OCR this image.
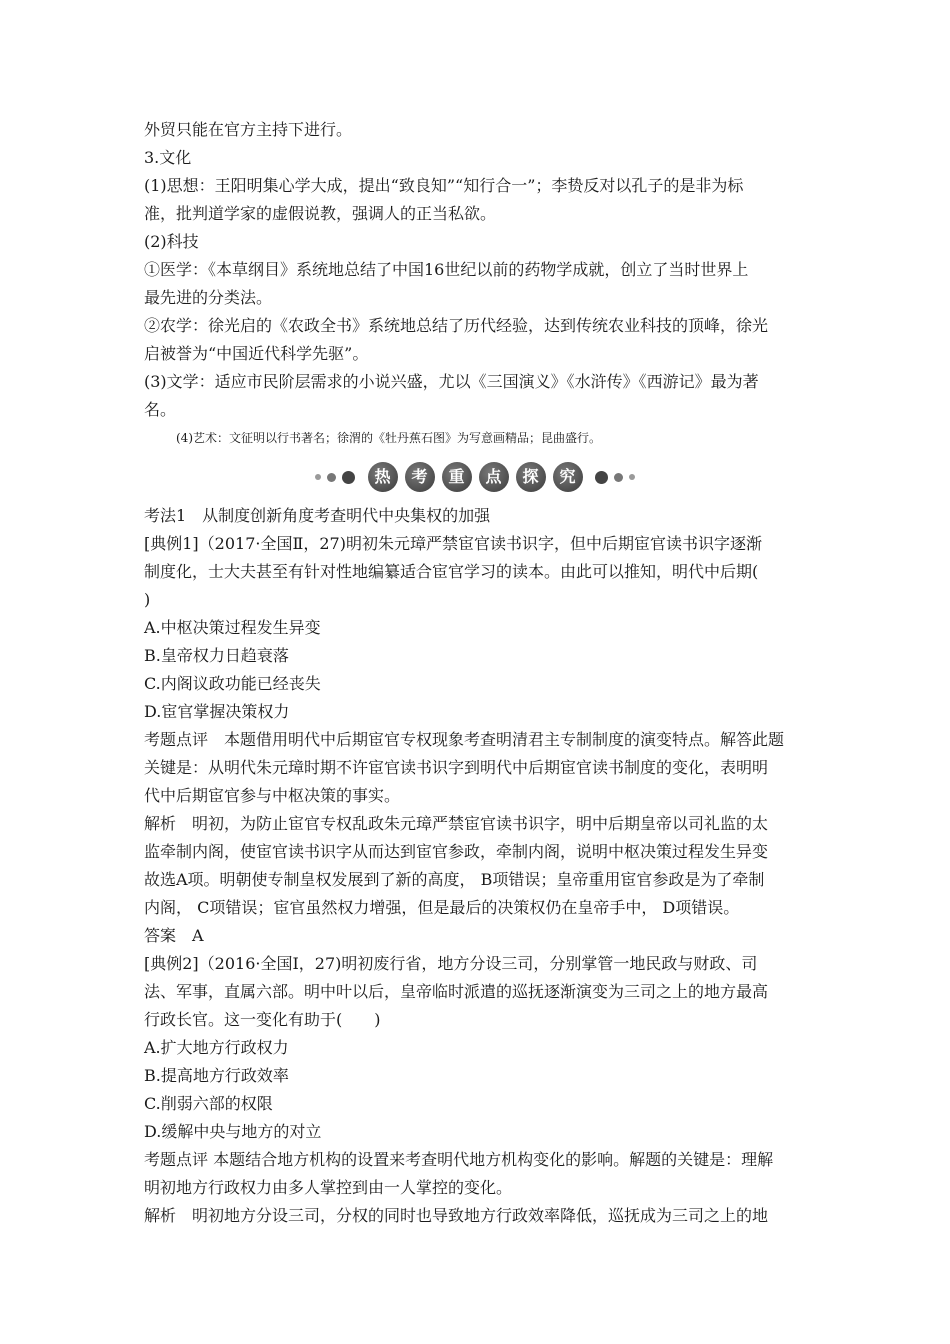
外贸只能在官方主持下进行。
3.文化
(1)思想：王阳明集心学大成，提出“致良知”“知行合一”；李贽反对以孔子的是非为标
准，批判道学家的虚假说教，强调人的正当私欲。
(2)科技
①医学：《本草纲目》系统地总结了中国16世纪以前的药物学成就，创立了当时世界上
最先进的分类法。
②农学：徐光启的《农政全书》系统地总结了历代经验，达到传统农业科技的顶峰，徐光
启被誉为“中国近代科学先驱”。
(3)文学：适应市民阶层需求的小说兴盛，尤以《三国演义》《水浒传》《西游记》最为著
名。
(4)艺术：文征明以行书著名；徐渭的《牡丹蕉石图》为写意画精品；昆曲盛行。
热	考	重	点	探	究
考法1　从制度创新角度考查明代中央集权的加强
[典例1]（2017·全国Ⅱ，27)明初朱元璋严禁宦官读书识字，但中后期宦官读书识字逐渐
制度化，士大夫甚至有针对性地编纂适合宦官学习的读本。由此可以推知，明代中后期(
)
A.中枢决策过程发生异变
B.皇帝权力日趋衰落
C.内阁议政功能已经丧失
D.宦官掌握决策权力
考题点评　本题借用明代中后期宦官专权现象考查明清君主专制制度的演变特点。解答此题
关键是：从明代朱元璋时期不许宦官读书识字到明代中后期宦官读书制度的变化，表明明
代中后期宦官参与中枢决策的事实。
解析　明初，为防止宦官专权乱政朱元璋严禁宦官读书识字，明中后期皇帝以司礼监的太
监牵制内阁，使宦官读书识字从而达到宦官参政，牵制内阁，说明中枢决策过程发生异变
故选A项。明朝使专制皇权发展到了新的高度， B项错误；皇帝重用宦官参政是为了牵制
内阁， C项错误；宦官虽然权力增强，但是最后的决策权仍在皇帝手中， D项错误。
答案　A
[典例2]（2016·全国Ⅰ，27)明初废行省，地方分设三司，分别掌管一地民政与财政、司
法、军事，直属六部。明中叶以后，皇帝临时派遣的巡抚逐渐演变为三司之上的地方最高
行政长官。这一变化有助于(　　)
A.扩大地方行政权力
B.提高地方行政效率
C.削弱六部的权限
D.缓解中央与地方的对立
考题点评 本题结合地方机构的设置来考查明代地方机构变化的影响。解题的关键是：理解
明初地方行政权力由多人掌控到由一人掌控的变化。
解析　明初地方分设三司，分权的同时也导致地方行政效率降低，巡抚成为三司之上的地
